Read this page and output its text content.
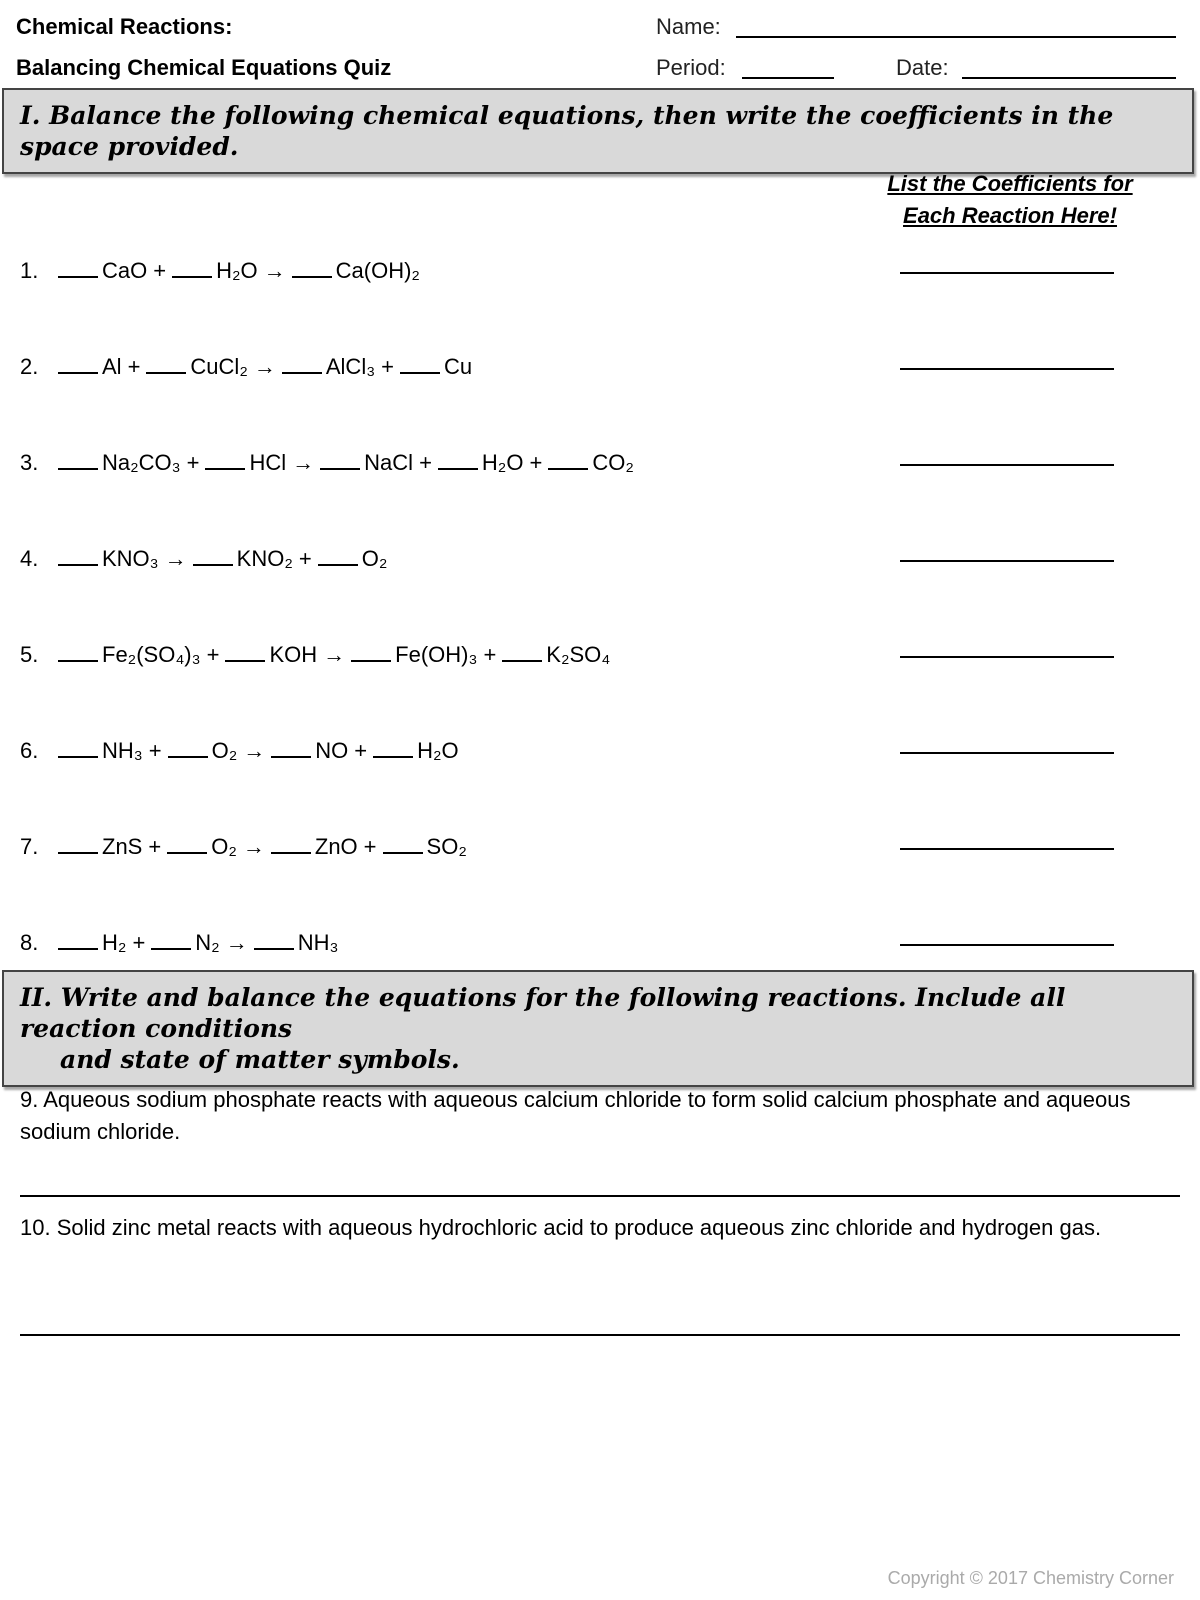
Chemical Reactions:
Balancing Chemical Equations Quiz
Name:
Period:	Date:
I. Balance the following chemical equations, then write the coefficients in the space provided.
List the Coefficients for
Each Reaction Here!
1.	CaO + H₂O → Ca(OH)₂
2.	Al + CuCl₂ → AlCl₃ + Cu
3.	Na₂CO₃ + HCl → NaCl + H₂O + CO₂
4.	KNO₃ → KNO₂ + O₂
5.	Fe₂(SO₄)₃ + KOH → Fe(OH)₃ + K₂SO₄
6.	NH₃ + O₂ → NO + H₂O
7.	ZnS + O₂ → ZnO + SO₂
8.	H₂ + N₂ → NH₃
II. Write and balance the equations for the following reactions. Include all reaction conditions
and state of matter symbols.
9. Aqueous sodium phosphate reacts with aqueous calcium chloride to form solid calcium phosphate and aqueous sodium chloride.
10. Solid zinc metal reacts with aqueous hydrochloric acid to produce aqueous zinc chloride and hydrogen gas.
Copyright © 2017 Chemistry Corner
